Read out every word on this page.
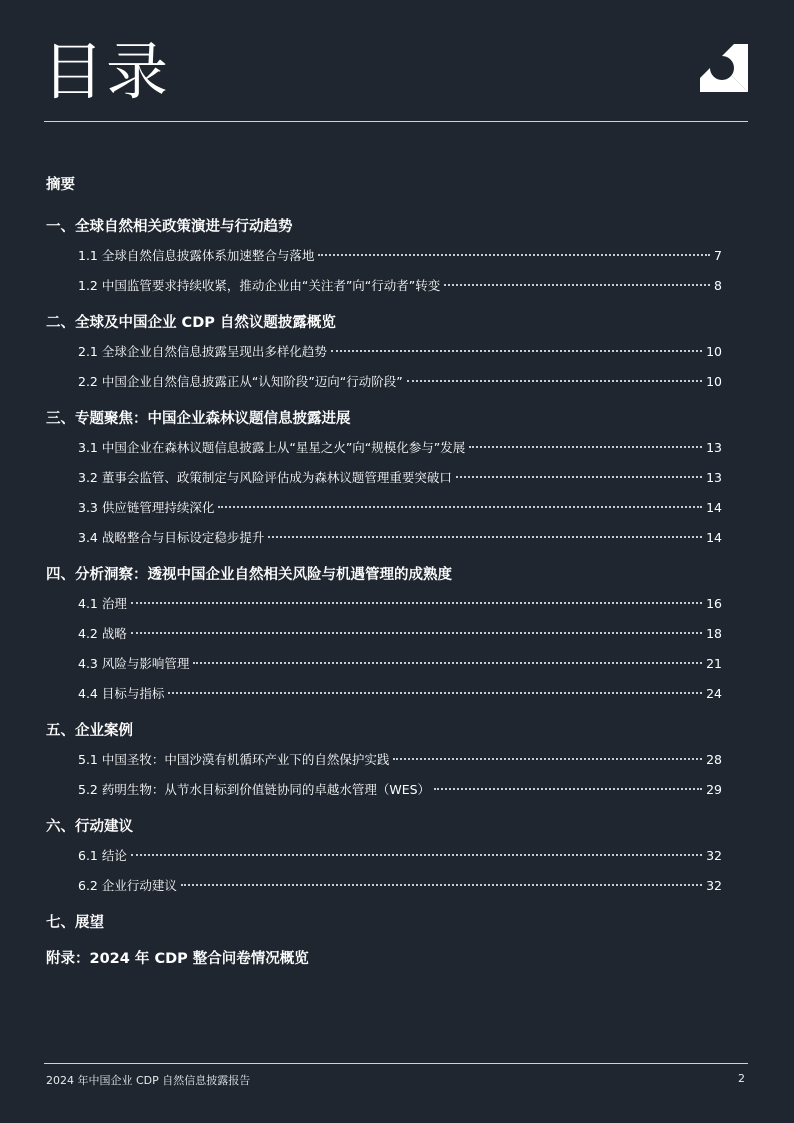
目录
摘要
一、全球自然相关政策演进与行动趋势
1.1 全球自然信息披露体系加速整合与落地	7
1.2 中国监管要求持续收紧，推动企业由“关注者”向“行动者”转变	8
二、全球及中国企业 CDP 自然议题披露概览
2.1 全球企业自然信息披露呈现出多样化趋势	10
2.2 中国企业自然信息披露正从“认知阶段”迈向“行动阶段”	10
三、专题聚焦：中国企业森林议题信息披露进展
3.1 中国企业在森林议题信息披露上从“星星之火”向“规模化参与”发展	13
3.2 董事会监管、政策制定与风险评估成为森林议题管理重要突破口	13
3.3 供应链管理持续深化	14
3.4 战略整合与目标设定稳步提升	14
四、分析洞察：透视中国企业自然相关风险与机遇管理的成熟度
4.1 治理	16
4.2 战略	18
4.3 风险与影响管理	21
4.4 目标与指标	24
五、企业案例
5.1 中国圣牧：中国沙漠有机循环产业下的自然保护实践	28
5.2 药明生物：从节水目标到价值链协同的卓越水管理（WES）	29
六、行动建议
6.1 结论	32
6.2 企业行动建议	32
七、展望
附录：2024 年 CDP 整合问卷情况概览
2024 年中国企业 CDP 自然信息披露报告	2
